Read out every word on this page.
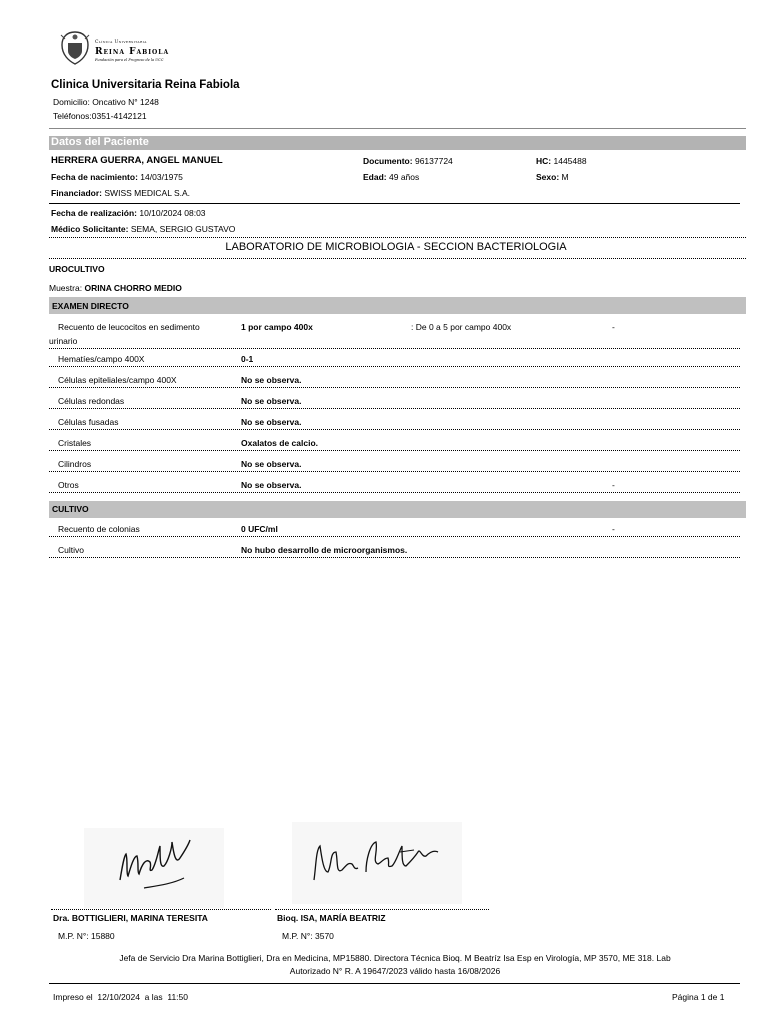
Clínica Universitaria
Reina Fabiola
Fundación para el Progreso de la UCC
Clinica Universitaria Reina Fabiola
Domicilio: Oncativo N° 1248
Teléfonos:0351-4142121
Datos del Paciente
HERRERA GUERRA, ANGEL MANUEL	Documento: 96137724	HC: 1445488
Fecha de nacimiento: 14/03/1975	Edad: 49 años	Sexo: M
Financiador: SWISS MEDICAL S.A.
Fecha de realización: 10/10/2024 08:03
Médico Solicitante: SEMA, SERGIO GUSTAVO
LABORATORIO DE MICROBIOLOGIA - SECCION BACTERIOLOGIA
UROCULTIVO
Muestra: ORINA CHORRO MEDIO
EXAMEN DIRECTO
Recuento de leucocitos en sedimento
urinario
1 por campo 400x	: De 0 a 5 por campo 400x	-
Hematíes/campo 400X	0-1
Células epiteliales/campo 400X	No se observa.
Células redondas	No se observa.
Células fusadas	No se observa.
Cristales	Oxalatos de calcio.
Cilindros	No se observa.
Otros	No se observa.	-
CULTIVO
Recuento de colonias	0 UFC/ml	-
Cultivo	No hubo desarrollo de microorganismos.
Dra. BOTTIGLIERI, MARINA TERESITA
M.P. N°: 15880
Bioq. ISA, MARÍA BEATRIZ
M.P. N°: 3570
Jefa de Servicio Dra Marina Bottiglieri, Dra en Medicina, MP15880. Directora Técnica Bioq. M Beatríz Isa Esp en Virología, MP 3570, ME 318. Lab
Autorizado N° R. A 19647/2023 válido hasta 16/08/2026
Impreso el  12/10/2024  a las  11:50	Página 1 de 1
